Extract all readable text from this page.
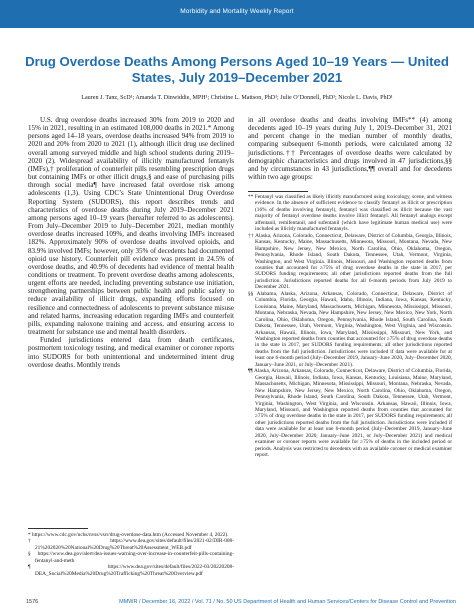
Morbidity and Mortality Weekly Report
Drug Overdose Deaths Among Persons Aged 10–19 Years — United States, July 2019–December 2021
Lauren J. Tanz, ScD¹; Amanda T. Dinwiddie, MPH¹; Christine L. Mattson, PhD¹; Julie O’Donnell, PhD¹; Nicole L. Davis, PhD¹

U.S. drug overdose deaths increased 30% from 2019 to 2020 and 15% in 2021, resulting in an estimated 108,000 deaths in 2021.* Among persons aged 14–18 years, overdose deaths increased 94% from 2019 to 2020 and 20% from 2020 to 2021 (1), although illicit drug use declined overall among surveyed middle and high school students during 2019–2020 (2). Widespread availability of illicitly manufactured fentanyls (IMFs),† proliferation of counterfeit pills resembling prescription drugs but containing IMFs or other illicit drugs,§ and ease of purchasing pills through social media¶ have increased fatal overdose risk among adolescents (1,3). Using CDC’s State Unintentional Drug Overdose Reporting System (SUDORS), this report describes trends and characteristics of overdose deaths during July 2019–December 2021 among persons aged 10–19 years (hereafter referred to as adolescents). From July–December 2019 to July–December 2021, median monthly overdose deaths increased 109%, and deaths involving IMFs increased 182%. Approximately 90% of overdose deaths involved opioids, and 83.9% involved IMFs; however, only 35% of decedents had documented opioid use history. Counterfeit pill evidence was present in 24.5% of overdose deaths, and 40.9% of decedents had evidence of mental health conditions or treatment. To prevent overdose deaths among adolescents, urgent efforts are needed, including preventing substance use initiation, strengthening partnerships between public health and public safety to reduce availability of illicit drugs, expanding efforts focused on resilience and connectedness of adolescents to prevent substance misuse and related harms, increasing education regarding IMFs and counterfeit pills, expanding naloxone training and access, and ensuring access to treatment for substance use and mental health disorders.

Funded jurisdictions entered data from death certificates, postmortem toxicology testing, and medical examiner or coroner reports into SUDORS for both unintentional and undetermined intent drug overdose deaths. Monthly trends

* https://www.cdc.gov/nchs/nvss/vsrr/drug-overdose-data.htm (Accessed November 4, 2022).

† https://www.dea.gov/sites/default/files/2021-02/DIR-008-21%202020%20National%20Drug%20Threat%20Assessment_WEB.pdf

§ https://www.dea.gov/alert/dea-issues-warning-over-increase-in-counterfeit-pills-containing-fentanyl-and-meth

¶ https://www.dea.gov/sites/default/files/2022-03/20220208-DEA_Social%20Media%20Drug%20Trafficking%20Threat%20Overview.pdf

in all overdose deaths and deaths involving IMFs** (4) among decedents aged 10–19 years during July 1, 2019–December 31, 2021 and percent change in the median number of monthly deaths, comparing subsequent 6-month periods, were calculated among 32 jurisdictions.†† Percentages of overdose deaths were calculated by demographic characteristics and drugs involved in 47 jurisdictions,§§ and by circumstances in 43 jurisdictions,¶¶ overall and for decedents within two age groups:

** Fentanyl was classified as likely illicitly manufactured using toxicology, scene, and witness evidence. In the absence of sufficient evidence to classify fentanyl as illicit or prescription (16% of deaths involving fentanyl), fentanyl was classified as illicit because the vast majority of fentanyl overdose deaths involve illicit fentanyl. All fentanyl analogs except alfentanil, remifentanil, and sufentanil (which have legitimate human medical use) were included as illicitly manufactured fentanyls.

†† Alaska, Arizona, Colorado, Connecticut, Delaware, District of Columbia, Georgia, Illinois, Kansas, Kentucky, Maine, Massachusetts, Minnesota, Missouri, Montana, Nevada, New Hampshire, New Jersey, New Mexico, North Carolina, Ohio, Oklahoma, Oregon, Pennsylvania, Rhode Island, South Dakota, Tennessee, Utah, Vermont, Virginia, Washington, and West Virginia. Illinois, Missouri, and Washington reported deaths from counties that accounted for ≥75% of drug overdose deaths in the state in 2017, per SUDORS funding requirements; all other jurisdictions reported deaths from the full jurisdiction. Jurisdictions reported deaths for all 6-month periods from July 2019 to December 2021.

§§ Alabama, Alaska, Arizona, Arkansas, Colorado, Connecticut, Delaware, District of Columbia, Florida, Georgia, Hawaii, Idaho, Illinois, Indiana, Iowa, Kansas, Kentucky, Louisiana, Maine, Maryland, Massachusetts, Michigan, Minnesota, Mississippi, Missouri, Montana, Nebraska, Nevada, New Hampshire, New Jersey, New Mexico, New York, North Carolina, Ohio, Oklahoma, Oregon, Pennsylvania, Rhode Island, South Carolina, South Dakota, Tennessee, Utah, Vermont, Virginia, Washington, West Virginia, and Wisconsin. Arkansas, Hawaii, Illinois, Iowa, Maryland, Mississippi, Missouri, New York, and Washington reported deaths from counties that accounted for ≥75% of drug overdose deaths in the state in 2017, per SUDORS funding requirements; all other jurisdictions reported deaths from the full jurisdiction. Jurisdictions were included if data were available for at least one 6-month period (July–December 2019, January–June 2020, July–December 2020, January–June 2021, or July–December 2021).

¶¶ Alaska, Arizona, Arkansas, Colorado, Connecticut, Delaware, District of Columbia, Florida, Georgia, Hawaii, Illinois, Indiana, Iowa, Kansas, Kentucky, Louisiana, Maine, Maryland, Massachusetts, Michigan, Minnesota, Mississippi, Missouri, Montana, Nebraska, Nevada, New Hampshire, New Jersey, New Mexico, North Carolina, Ohio, Oklahoma, Oregon, Pennsylvania, Rhode Island, South Carolina, South Dakota, Tennessee, Utah, Vermont, Virginia, Washington, West Virginia, and Wisconsin. Arkansas, Hawaii, Illinois, Iowa, Maryland, Missouri, and Washington reported deaths from counties that accounted for ≥75% of drug overdose deaths in the state in 2017, per SUDORS funding requirements; all other jurisdictions reported deaths from the full jurisdiction. Jurisdictions were included if data were available for at least one 6-month period (July–December 2019, January–June 2020, July–December 2020, January–June 2021, or July–December 2021) and medical examiner or coroner reports were available for ≥75% of deaths in the included period or periods. Analysis was restricted to decedents with an available coroner or medical examiner report.

1576	MMWR / December 16, 2022 / Vol. 71 / No. 50 US Department of Health and Human Services/Centers for Disease Control and Prevention
